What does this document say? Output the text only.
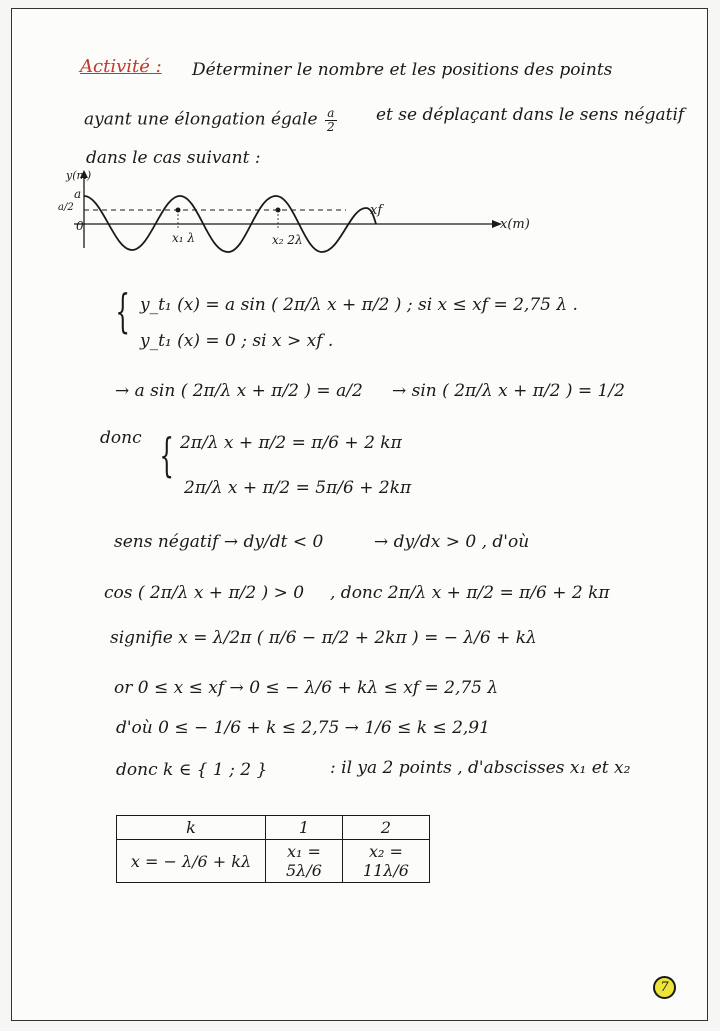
Activité : Déterminer le nombre et les positions des points
ayant une élongation égale $\frac{a}{2}$ et se déplaçant dans le sens négatif
dans le cas suivant :
y(m)
a
a/2
0
xf
x(m)
x₁ λ	x₂ 2λ
{ y_t₁ (x) = a sin ( 2π/λ x + π/2 ) ; si x ≤ xf = 2,75 λ .
y_t₁ (x) = 0 ; si x > xf .
→ a sin ( 2π/λ x + π/2 ) = a/2 → sin ( 2π/λ x + π/2 ) = 1/2
donc { 2π/λ x + π/2 = π/6 + 2 kπ
2π/λ x + π/2 = 5π/6 + 2kπ
sens négatif → dy/dt < 0	→ dy/dx > 0 , d'où
cos ( 2π/λ x + π/2 ) > 0 , donc 2π/λ x + π/2 = π/6 + 2 kπ
signifie x = λ/2π ( π/6 − π/2 + 2kπ ) = − λ/6 + kλ
or 0 ≤ x ≤ xf → 0 ≤ − λ/6 + kλ ≤ xf = 2,75 λ
d'où 0 ≤ − 1/6 + k ≤ 2,75 → 1/6 ≤ k ≤ 2,91
donc k ∈ { 1 ; 2 }	: il ya 2 points , d'abscisses x₁ et x₂
k	1	2
x = − λ/6 + kλ	x₁ = 5λ/6	x₂ = 11λ/6
7
